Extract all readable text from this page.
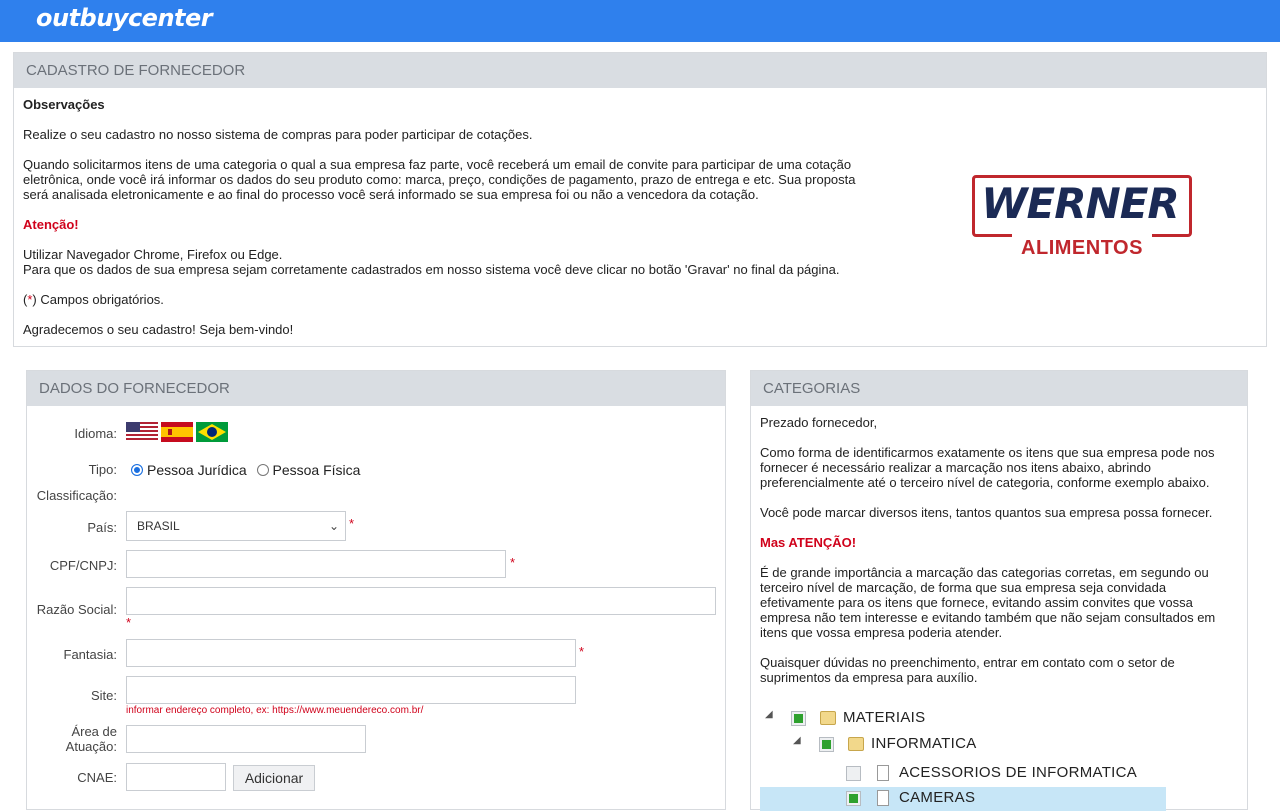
outbuycenter
CADASTRO DE FORNECEDOR

Observações

Realize o seu cadastro no nosso sistema de compras para poder participar de cotações.

Quando solicitarmos itens de uma categoria o qual a sua empresa faz parte, você receberá um email de convite para participar de uma cotação eletrônica, onde você irá informar os dados do seu produto como: marca, preço, condições de pagamento, prazo de entrega e etc. Sua proposta será analisada eletronicamente e ao final do processo você será informado se sua empresa foi ou não a vencedora da cotação.

Atenção!

Utilizar Navegador Chrome, Firefox ou Edge.
Para que os dados de sua empresa sejam corretamente cadastrados em nosso sistema você deve clicar no botão 'Gravar' no final da página.

(*) Campos obrigatórios.

Agradecemos o seu cadastro! Seja bem-vindo!

WERNER
ALIMENTOS
DADOS DO FORNECEDOR
Idioma:
Tipo:	Pessoa Jurídica Pessoa Física
Classificação:
País:	BRASIL	⌄ *
CPF/CNPJ:	*
Razão Social:
*
Fantasia:	*
Site:
informar endereço completo, ex: https://www.meuendereco.com.br/
Área de
Atuação:
CNAE:	Adicionar
CATEGORIAS

Prezado fornecedor,

Como forma de identificarmos exatamente os itens que sua empresa pode nos fornecer é necessário realizar a marcação nos itens abaixo, abrindo preferencialmente até o terceiro nível de categoria, conforme exemplo abaixo.

Você pode marcar diversos itens, tantos quantos sua empresa possa fornecer.

Mas ATENÇÃO!

É de grande importância a marcação das categorias corretas, em segundo ou terceiro nível de marcação, de forma que sua empresa seja convidada efetivamente para os itens que fornece, evitando assim convites que vossa empresa não tem interesse e evitando também que não sejam consultados em itens que vossa empresa poderia atender.

Quaisquer dúvidas no preenchimento, entrar em contato com o setor de suprimentos da empresa para auxílio.

◢	MATERIAIS
◢	INFORMATICA
ACESSORIOS DE INFORMATICA
CAMERAS
